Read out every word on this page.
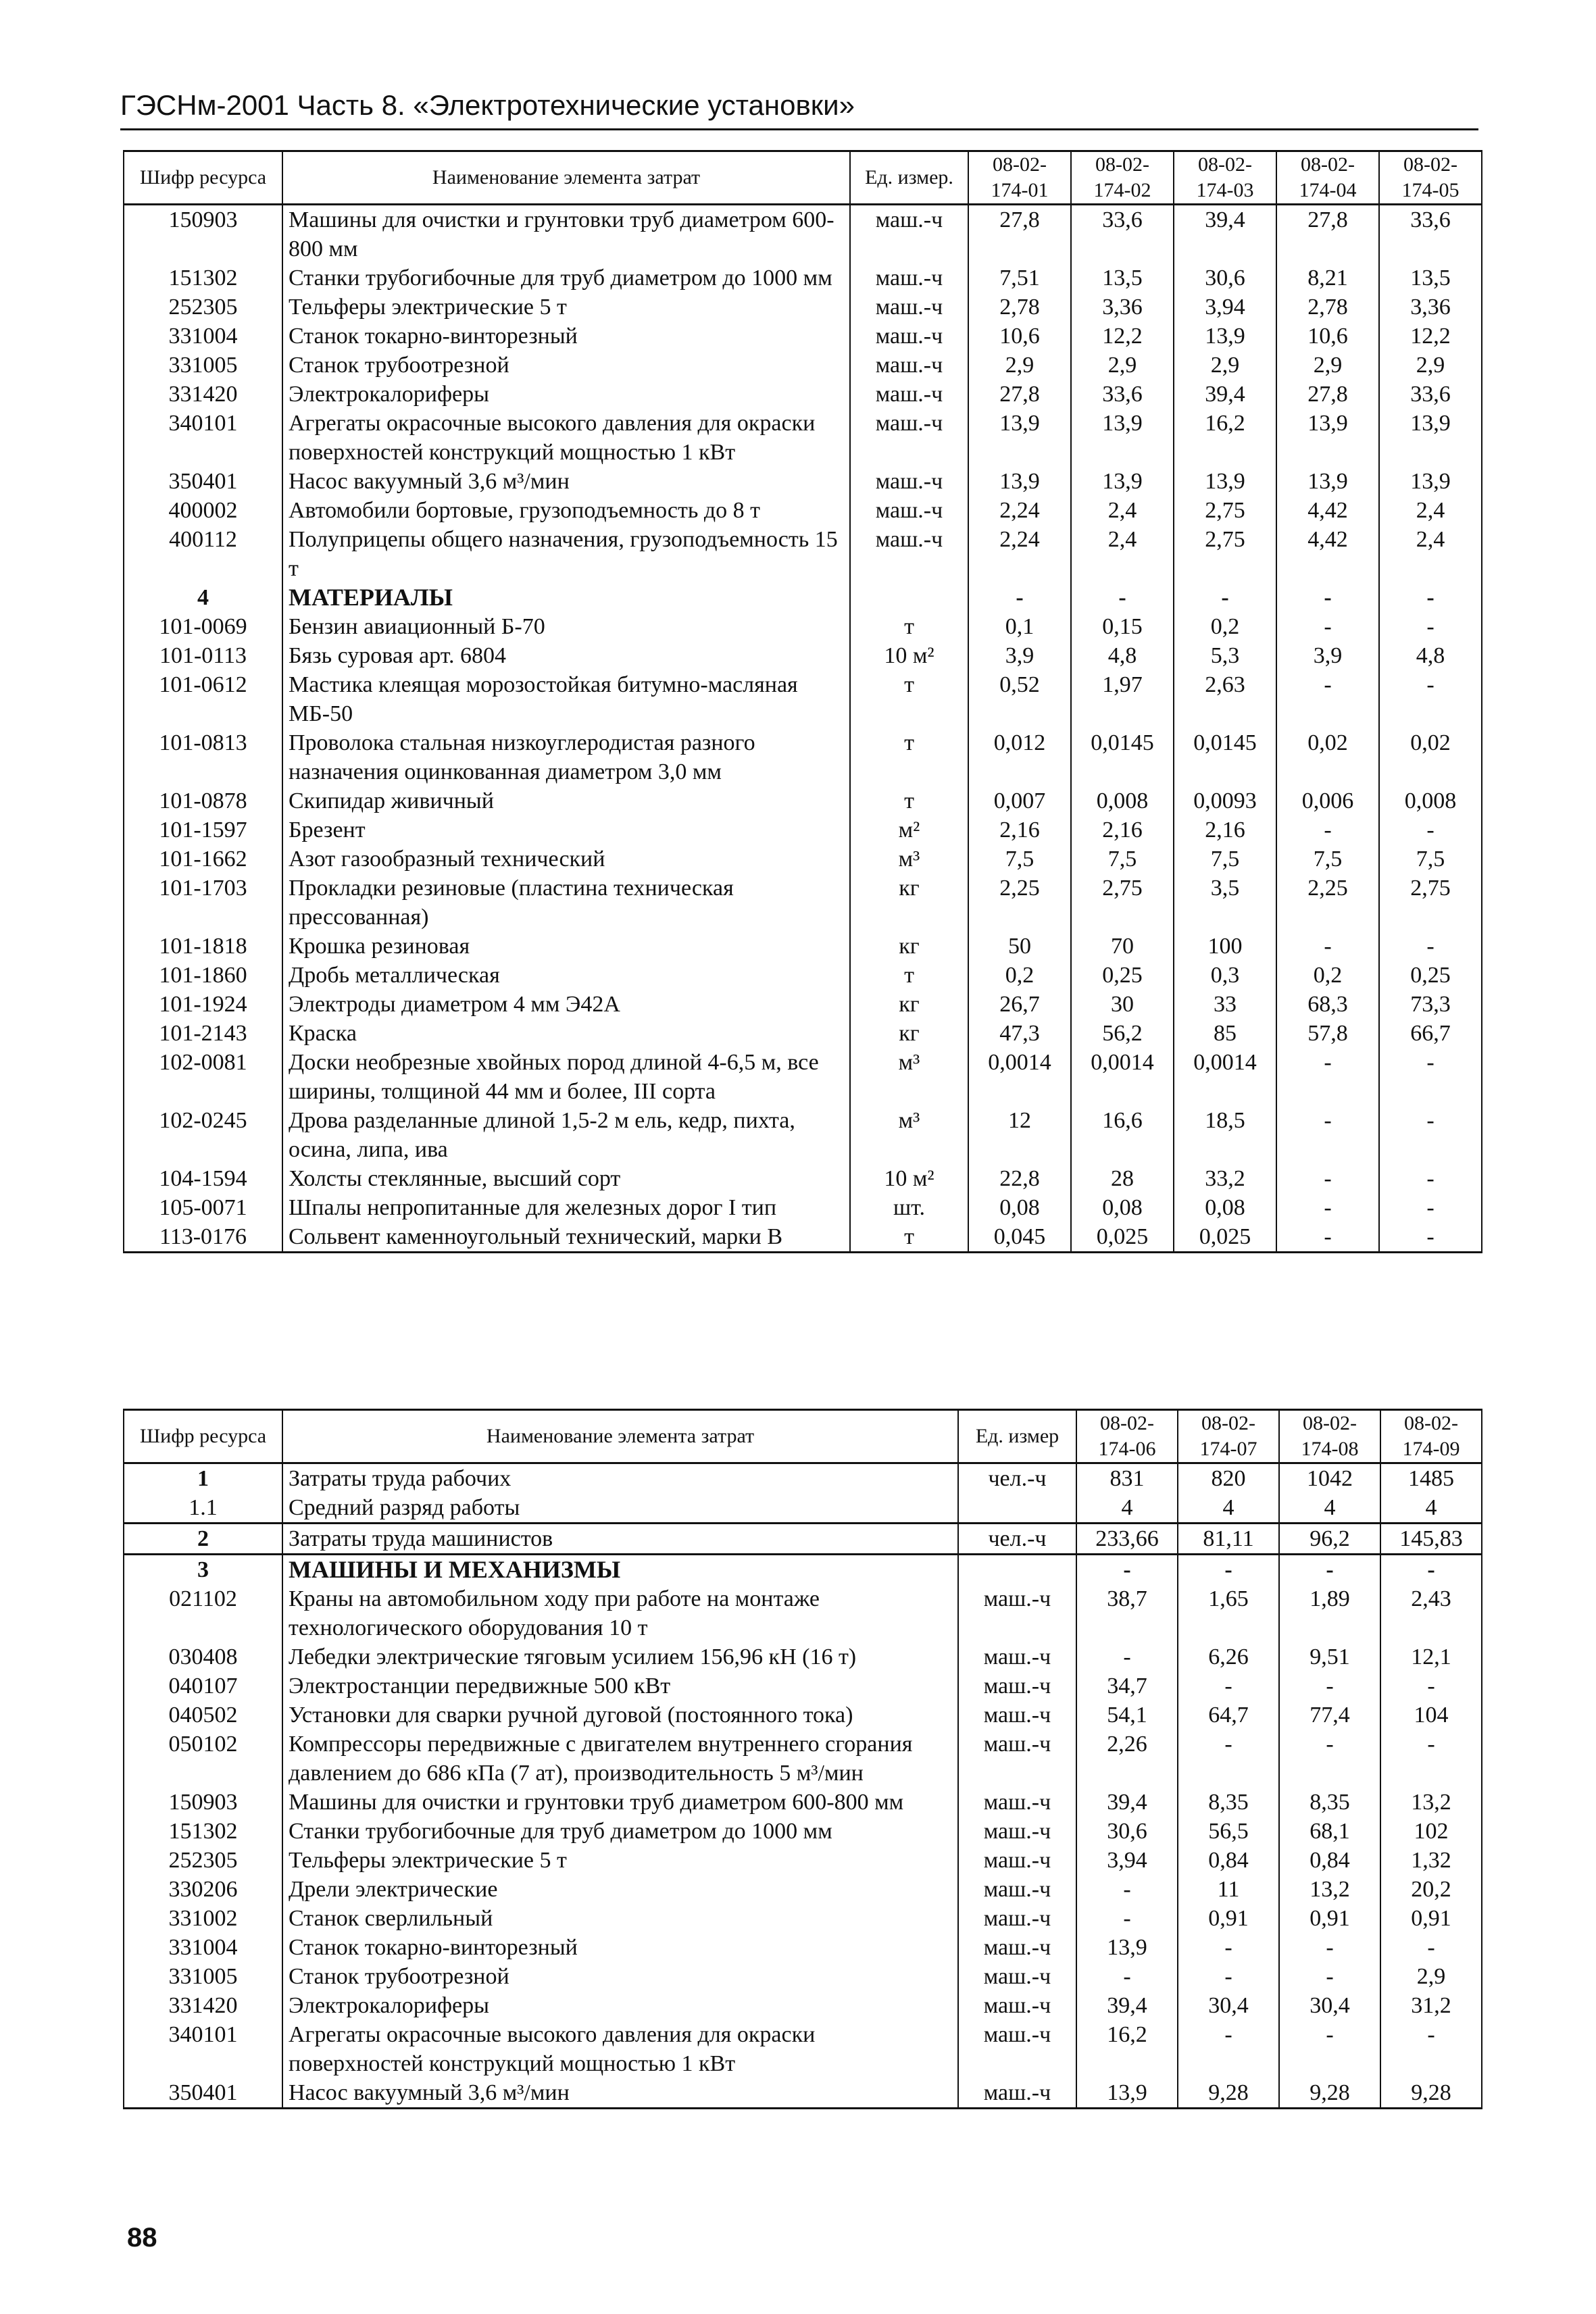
ГЭСНм-2001 Часть 8. «Электротехнические установки»
Шифр ресурса	Наименование элемента затрат	Ед. измер.	08-02-174-01	08-02-174-02	08-02-174-03	08-02-174-04	08-02-174-05
150903	Машины для очистки и грунтовки труб диаметром 600-800 мм	маш.-ч	27,8	33,6	39,4	27,8	33,6
151302	Станки трубогибочные для труб диаметром до 1000 мм	маш.-ч	7,51	13,5	30,6	8,21	13,5
252305	Тельферы электрические 5 т	маш.-ч	2,78	3,36	3,94	2,78	3,36
331004	Станок токарно-винторезный	маш.-ч	10,6	12,2	13,9	10,6	12,2
331005	Станок трубоотрезной	маш.-ч	2,9	2,9	2,9	2,9	2,9
331420	Электрокалориферы	маш.-ч	27,8	33,6	39,4	27,8	33,6
340101	Агрегаты окрасочные высокого давления для окраски поверхностей конструкций мощностью 1 кВт	маш.-ч	13,9	13,9	16,2	13,9	13,9
350401	Насос вакуумный 3,6 м³/мин	маш.-ч	13,9	13,9	13,9	13,9	13,9
400002	Автомобили бортовые, грузоподъемность до 8 т	маш.-ч	2,24	2,4	2,75	4,42	2,4
400112	Полуприцепы общего назначения, грузоподъемность 15 т	маш.-ч	2,24	2,4	2,75	4,42	2,4
4	МАТЕРИАЛЫ		-	-	-	-	-
101-0069	Бензин авиационный Б-70	т	0,1	0,15	0,2	-	-
101-0113	Бязь суровая арт. 6804	10 м²	3,9	4,8	5,3	3,9	4,8
101-0612	Мастика клеящая морозостойкая битумно-масляная МБ-50	т	0,52	1,97	2,63	-	-
101-0813	Проволока стальная низкоуглеродистая разного назначения оцинкованная диаметром 3,0 мм	т	0,012	0,0145	0,0145	0,02	0,02
101-0878	Скипидар живичный	т	0,007	0,008	0,0093	0,006	0,008
101-1597	Брезент	м²	2,16	2,16	2,16	-	-
101-1662	Азот газообразный технический	м³	7,5	7,5	7,5	7,5	7,5
101-1703	Прокладки резиновые (пластина техническая прессованная)	кг	2,25	2,75	3,5	2,25	2,75
101-1818	Крошка резиновая	кг	50	70	100	-	-
101-1860	Дробь металлическая	т	0,2	0,25	0,3	0,2	0,25
101-1924	Электроды диаметром 4 мм Э42А	кг	26,7	30	33	68,3	73,3
101-2143	Краска	кг	47,3	56,2	85	57,8	66,7
102-0081	Доски необрезные хвойных пород длиной 4-6,5 м, все ширины, толщиной 44 мм и более, III сорта	м³	0,0014	0,0014	0,0014	-	-
102-0245	Дрова разделанные длиной 1,5-2 м ель, кедр, пихта, осина, липа, ива	м³	12	16,6	18,5	-	-
104-1594	Холсты стеклянные, высший сорт	10 м²	22,8	28	33,2	-	-
105-0071	Шпалы непропитанные для железных дорог I тип	шт.	0,08	0,08	0,08	-	-
113-0176	Сольвент каменноугольный технический, марки В	т	0,045	0,025	0,025	-	-
Шифр ресурса	Наименование элемента затрат	Ед. измер	08-02-174-06	08-02-174-07	08-02-174-08	08-02-174-09
1	Затраты труда рабочих	чел.-ч	831	820	1042	1485
1.1	Средний разряд работы		4	4	4	4
2	Затраты труда машинистов	чел.-ч	233,66	81,11	96,2	145,83
3	МАШИНЫ И МЕХАНИЗМЫ		-	-	-	-
021102	Краны на автомобильном ходу при работе на монтаже технологического оборудования 10 т	маш.-ч	38,7	1,65	1,89	2,43
030408	Лебедки электрические тяговым усилием 156,96 кН (16 т)	маш.-ч	-	6,26	9,51	12,1
040107	Электростанции передвижные 500 кВт	маш.-ч	34,7	-	-	-
040502	Установки для сварки ручной дуговой (постоянного тока)	маш.-ч	54,1	64,7	77,4	104
050102	Компрессоры передвижные с двигателем внутреннего сгорания давлением до 686 кПа (7 ат), производительность 5 м³/мин	маш.-ч	2,26	-	-	-
150903	Машины для очистки и грунтовки труб диаметром 600-800 мм	маш.-ч	39,4	8,35	8,35	13,2
151302	Станки трубогибочные для труб диаметром до 1000 мм	маш.-ч	30,6	56,5	68,1	102
252305	Тельферы электрические 5 т	маш.-ч	3,94	0,84	0,84	1,32
330206	Дрели электрические	маш.-ч	-	11	13,2	20,2
331002	Станок сверлильный	маш.-ч	-	0,91	0,91	0,91
331004	Станок токарно-винторезный	маш.-ч	13,9	-	-	-
331005	Станок трубоотрезной	маш.-ч	-	-	-	2,9
331420	Электрокалориферы	маш.-ч	39,4	30,4	30,4	31,2
340101	Агрегаты окрасочные высокого давления для окраски поверхностей конструкций мощностью 1 кВт	маш.-ч	16,2	-	-	-
350401	Насос вакуумный 3,6 м³/мин	маш.-ч	13,9	9,28	9,28	9,28
88
